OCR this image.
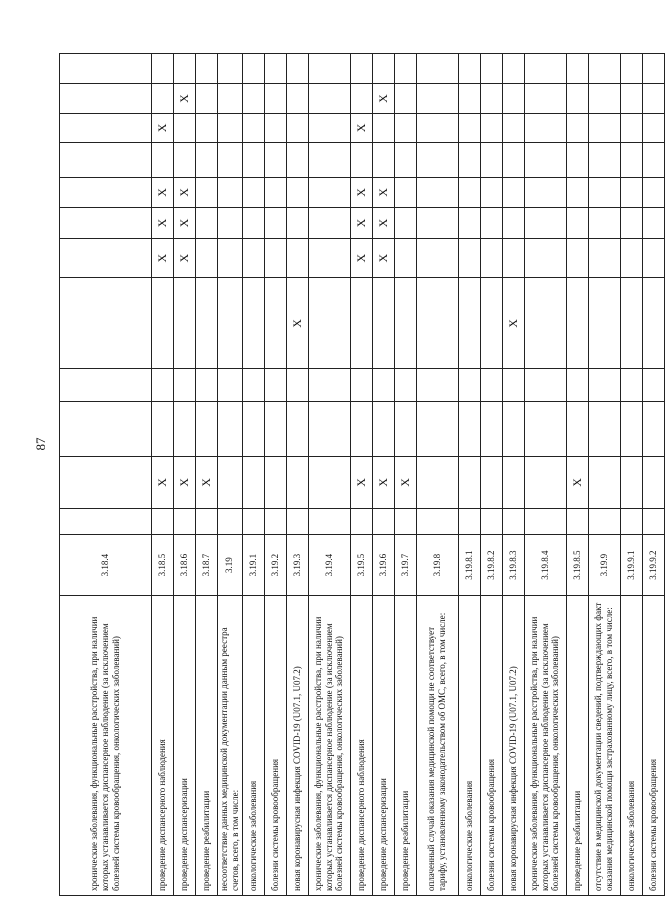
87
хронические заболевания, функциональные расстройства, при наличии которых устанавливается диспансерное наблюдение (за исключением болезней системы кровообращения, онкологических заболеваний)	3.18.4												
проведение диспансерного наблюдения	3.18.5		X				X	X	X		X		
проведение диспансеризации	3.18.6		X				X	X	X			X	
проведение реабилитации	3.18.7		X										
несоответствие данных медицинской документации данным реестра счетов, всего, в том числе:	3.19												
онкологические заболевания	3.19.1												
болезни системы кровообращения	3.19.2												
новая коронавирусная инфекция COVID-19 (U07.1, U07.2)	3.19.3					X							
хронические заболевания, функциональные расстройства, при наличии которых устанавливается диспансерное наблюдение (за исключением болезней системы кровообращения, онкологических заболеваний)	3.19.4												
проведение диспансерного наблюдения	3.19.5		X				X	X	X		X		
проведение диспансеризации	3.19.6		X				X	X	X			X	
проведение реабилитации	3.19.7		X										
оплаченный случай оказания медицинской помощи не соответствует тарифу, установленному законодательством об ОМС, всего, в том числе:	3.19.8												
онкологические заболевания	3.19.8.1												
болезни системы кровообращения	3.19.8.2												
новая коронавирусная инфекция COVID-19 (U07.1, U07.2)	3.19.8.3					X							
хронические заболевания, функциональные расстройства, при наличии которых устанавливается диспансерное наблюдение (за исключением болезней системы кровообращения, онкологических заболеваний)	3.19.8.4												
проведение реабилитации	3.19.8.5		X										
отсутствие в медицинской документации сведений, подтверждающих факт оказания медицинской помощи застрахованному лицу, всего, в том числе:	3.19.9												
онкологические заболевания	3.19.9.1												
болезни системы кровообращения	3.19.9.2												
